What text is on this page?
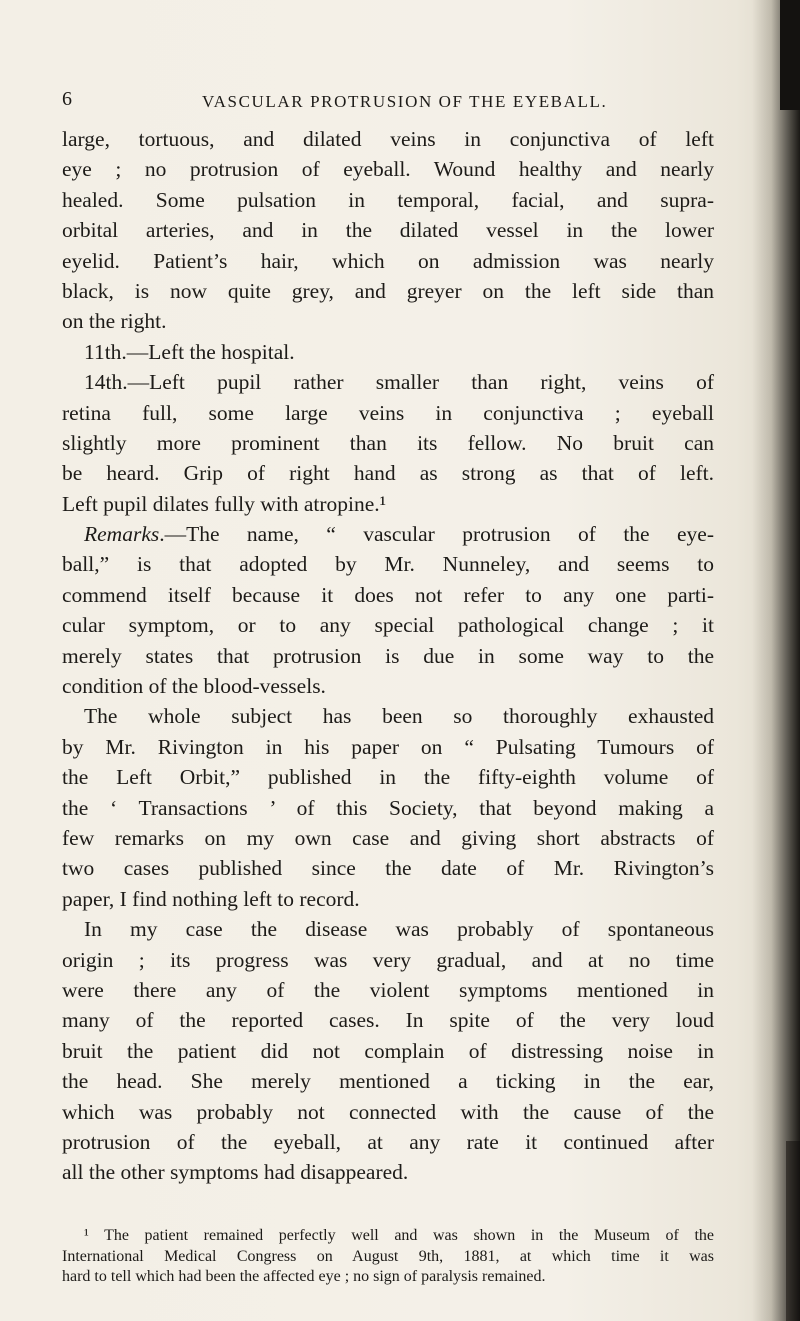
6	VASCULAR PROTRUSION OF THE EYEBALL.
large, tortuous, and dilated veins in conjunctiva of left
eye ; no protrusion of eyeball. Wound healthy and nearly
healed. Some pulsation in temporal, facial, and supra-
orbital arteries, and in the dilated vessel in the lower
eyelid. Patient’s hair, which on admission was nearly
black, is now quite grey, and greyer on the left side than
on the right.
11th.—Left the hospital.
14th.—Left pupil rather smaller than right, veins of
retina full, some large veins in conjunctiva ; eyeball
slightly more prominent than its fellow. No bruit can
be heard. Grip of right hand as strong as that of left.
Left pupil dilates fully with atropine.¹
Remarks.—The name, “ vascular protrusion of the eye-
ball,” is that adopted by Mr. Nunneley, and seems to
commend itself because it does not refer to any one parti-
cular symptom, or to any special pathological change ; it
merely states that protrusion is due in some way to the
condition of the blood-vessels.
The whole subject has been so thoroughly exhausted
by Mr. Rivington in his paper on “ Pulsating Tumours of
the Left Orbit,” published in the fifty-eighth volume of
the ‘ Transactions ’ of this Society, that beyond making a
few remarks on my own case and giving short abstracts of
two cases published since the date of Mr. Rivington’s
paper, I find nothing left to record.
In my case the disease was probably of spontaneous
origin ; its progress was very gradual, and at no time
were there any of the violent symptoms mentioned in
many of the reported cases. In spite of the very loud
bruit the patient did not complain of distressing noise in
the head. She merely mentioned a ticking in the ear,
which was probably not connected with the cause of the
protrusion of the eyeball, at any rate it continued after
all the other symptoms had disappeared.
¹ The patient remained perfectly well and was shown in the Museum of the
International Medical Congress on August 9th, 1881, at which time it was
hard to tell which had been the affected eye ; no sign of paralysis remained.
